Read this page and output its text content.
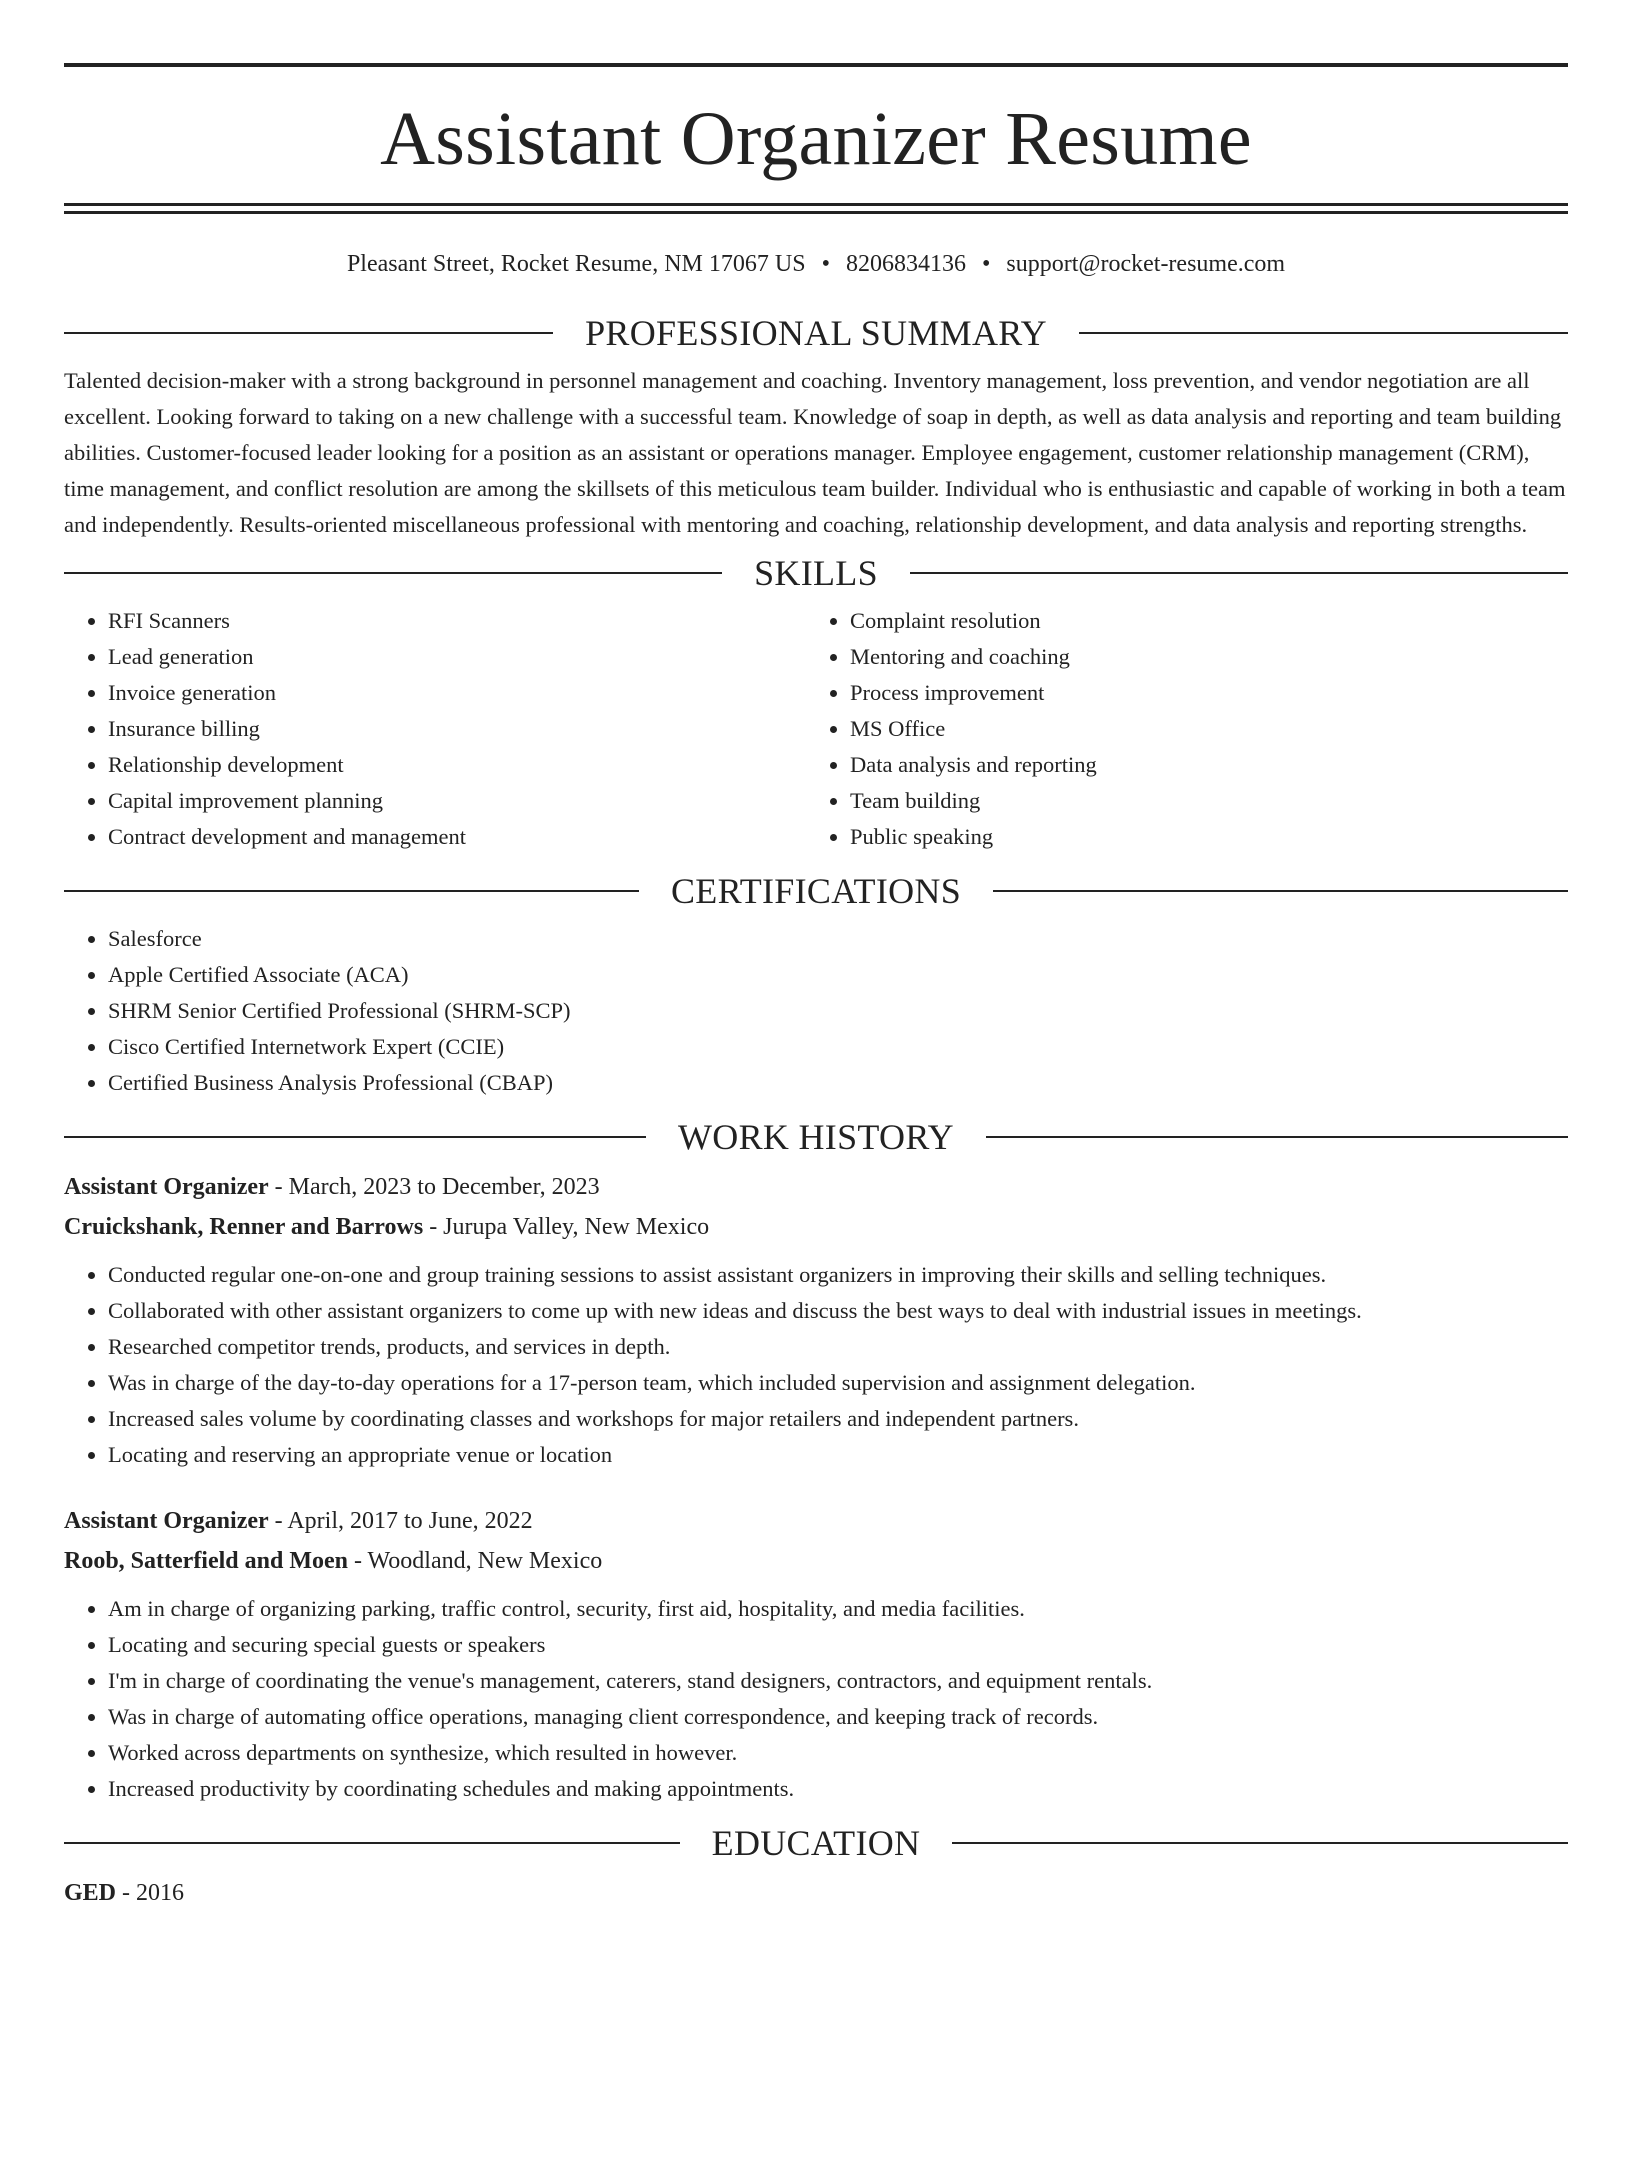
Assistant Organizer Resume
Pleasant Street, Rocket Resume, NM 17067 US • 8206834136 • support@rocket-resume.com
PROFESSIONAL SUMMARY

Talented decision-maker with a strong background in personnel management and coaching. Inventory management, loss prevention, and vendor negotiation are all excellent. Looking forward to taking on a new challenge with a successful team. Knowledge of soap in depth, as well as data analysis and reporting and team building abilities. Customer-focused leader looking for a position as an assistant or operations manager. Employee engagement, customer relationship management (CRM), time management, and conflict resolution are among the skillsets of this meticulous team builder. Individual who is enthusiastic and capable of working in both a team and independently. Results-oriented miscellaneous professional with mentoring and coaching, relationship development, and data analysis and reporting strengths.

SKILLS
• RFI Scanners
• Lead generation
• Invoice generation
• Insurance billing
• Relationship development
• Capital improvement planning
• Contract development and management
• Complaint resolution
• Mentoring and coaching
• Process improvement
• MS Office
• Data analysis and reporting
• Team building
• Public speaking
CERTIFICATIONS
• Salesforce
• Apple Certified Associate (ACA)
• SHRM Senior Certified Professional (SHRM-SCP)
• Cisco Certified Internetwork Expert (CCIE)
• Certified Business Analysis Professional (CBAP)
WORK HISTORY
Assistant Organizer - March, 2023 to December, 2023
Cruickshank, Renner and Barrows - Jurupa Valley, New Mexico
• Conducted regular one-on-one and group training sessions to assist assistant organizers in improving their skills and selling techniques.
• Collaborated with other assistant organizers to come up with new ideas and discuss the best ways to deal with industrial issues in meetings.
• Researched competitor trends, products, and services in depth.
• Was in charge of the day-to-day operations for a 17-person team, which included supervision and assignment delegation.
• Increased sales volume by coordinating classes and workshops for major retailers and independent partners.
• Locating and reserving an appropriate venue or location
Assistant Organizer - April, 2017 to June, 2022
Roob, Satterfield and Moen - Woodland, New Mexico
• Am in charge of organizing parking, traffic control, security, first aid, hospitality, and media facilities.
• Locating and securing special guests or speakers
• I'm in charge of coordinating the venue's management, caterers, stand designers, contractors, and equipment rentals.
• Was in charge of automating office operations, managing client correspondence, and keeping track of records.
• Worked across departments on synthesize, which resulted in however.
• Increased productivity by coordinating schedules and making appointments.
EDUCATION
GED - 2016
